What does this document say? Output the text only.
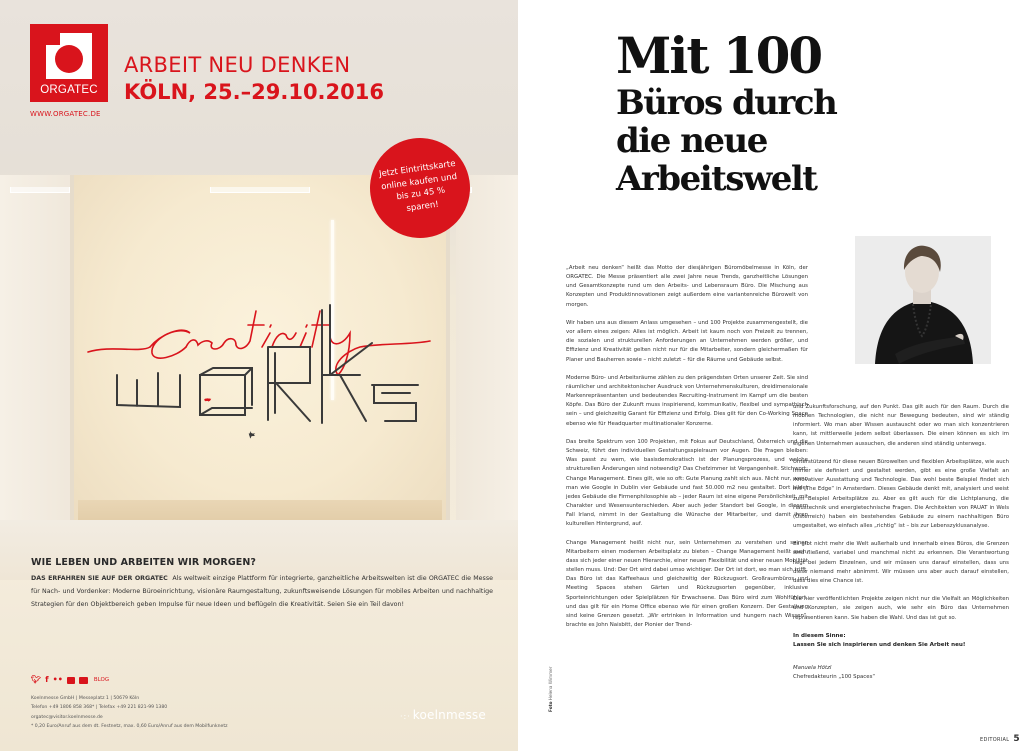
ORGATEC
WWW.ORGATEC.DE
ARBEIT NEU DENKEN
KÖLN, 25.–29.10.2016
Creativity
works
Jetzt Eintrittskarte online kaufen und bis zu 45 % sparen!
WIE LEBEN UND ARBEITEN WIR MORGEN?
DAS ERFAHREN SIE AUF DER ORGATEC Als weltweit einzige Plattform für integrierte, ganzheitliche Arbeitswelten ist die ORGATEC die Messe für Nach- und Vordenker: Moderne Büroeinrichtung, visionäre Raumgestaltung, zukunftsweisende Lösungen für mobiles Arbeiten und nachhaltige Strategien für den Objektbereich geben Impulse für neue Ideen und beflügeln die Kreativität. Seien Sie ein Teil davon!
🐦︎ f ••	BLOG
Koelnmesse GmbH | Messeplatz 1 | 50679 Köln
Telefon +49 1806 858 368* | Telefax +49 221 821-99 1380
orgatec@visitor.koelnmesse.de
* 0,20 Euro/Anruf aus dem dt. Festnetz, max. 0,60 Euro/Anruf aus dem Mobilfunknetz
·:· koelnmesse
Mit 100
Büros durch
die neue
Arbeitswelt

„Arbeit neu denken“ heißt das Motto der diesjährigen Büromöbelmesse in Köln, der ORGATEC. Die Messe präsentiert alle zwei Jahre neue Trends, ganzheitliche Lösungen und Gesamtkonzepte rund um den Arbeits- und Lebensraum Büro. Die Mischung aus Konzepten und Produktinnovationen zeigt außerdem eine variantenreiche Bürowelt von morgen.

Wir haben uns aus diesem Anlass umgesehen – und 100 Projekte zusammengestellt, die vor allem eines zeigen: Alles ist möglich. Arbeit ist kaum noch von Freizeit zu trennen, die sozialen und strukturellen Anforderungen an Unternehmen werden größer, und Effizienz und Kreativität gelten nicht nur für die Mitarbeiter, sondern gleichermaßen für Planer und Bauherren sowie – nicht zuletzt – für die Räume und Gebäude selbst.

Moderne Büro- und Arbeitsräume zählen zu den prägendsten Orten unserer Zeit. Sie sind räumlicher und architektonischer Ausdruck von Unternehmenskulturen, dreidimensionale Markenrepräsentanten und bedeutendes Recruiting-Instrument im Kampf um die besten Köpfe. Das Büro der Zukunft muss inspirierend, kommunikativ, flexibel und sympathisch sein – und gleichzeitig Garant für Effizienz und Erfolg. Dies gilt für den Co-Working Space ebenso wie für Headquarter multinationaler Konzerne.

Das breite Spektrum von 100 Projekten, mit Fokus auf Deutschland, Österreich und die Schweiz, führt den individuellen Gestaltungsspielraum vor Augen. Die Fragen bleiben: Was passt zu wem, wie basisdemokratisch ist der Planungsprozess, und welche strukturellen Änderungen sind notwendig? Das Chefzimmer ist Vergangenheit. Stichwort: Change Management. Eines gilt, wie so oft: Gute Planung zahlt sich aus. Nicht nur, wenn man wie Google in Dublin vier Gebäude und fast 50.000 m2 neu gestaltet. Dort bildet jedes Gebäude die Firmenphilosophie ab – jeder Raum ist eine eigene Persönlichkeit, mit Charakter und Wesensunterschieden. Aber auch jeder Standort bei Google, in diesem Fall Irland, nimmt in der Gestaltung die Wünsche der Mitarbeiter, und damit ihren kulturellen Hintergrund, auf.

Change Management heißt nicht nur, sein Unternehmen zu verstehen und seinen Mitarbeitern einen modernen Arbeitsplatz zu bieten – Change Management heißt auch, dass sich jeder einer neuen Hierarchie, einer neuen Flexibilität und einer neuen Mobilität stellen muss. Und: Der Ort wird dabei umso wichtiger. Der Ort ist dort, wo man sich trifft. Das Büro ist das Kaffeehaus und gleichzeitig der Rückzugsort. Großraumbüros und Meeting Spaces stehen Gärten und Rückzugsorten gegenüber, inklusive Sporteinrichtungen oder Spielplätzen für Erwachsene. Das Büro wird zum Wohlfühlort, und das gilt für ein Home Office ebenso wie für einen großen Konzern. Der Gestaltung sind keine Grenzen gesetzt. „Wir ertrinken in Information und hungern nach Wissen“, brachte es John Naisbitt, der Pionier der Trend-

und Zukunftsforschung, auf den Punkt. Das gilt auch für den Raum. Durch die mobilen Technologien, die nicht nur Bewegung bedeuten, sind wir ständig informiert. Wo man aber Wissen austauscht oder wo man sich konzentrieren kann, ist mittlerweile jedem selbst überlassen. Die einen können es sich im eigenen Unternehmen aussuchen, die anderen sind ständig unterwegs.

Unterstützend für diese neuen Bürowelten und flexiblen Arbeitsplätze, wie auch immer sie definiert und gestaltet werden, gibt es eine große Vielfalt an innovativer Ausstattung und Technologie. Das wohl beste Beispiel findet sich mit „The Edge“ in Amsterdam. Dieses Gebäude denkt mit, analysiert und weist zum Beispiel Arbeitsplätze zu. Aber es gilt auch für die Lichtplanung, die Haustechnik und energietechnische Fragen. Die Architekten von PAUAT in Wels (Österreich) haben ein bestehendes Gebäude zu einem nachhaltigen Büro umgestaltet, wo einfach alles „richtig“ ist – bis zur Lebenszyklusanalyse.

Es gibt nicht mehr die Welt außerhalb und innerhalb eines Büros, die Grenzen sind fließend, variabel und manchmal nicht zu erkennen. Die Verantwortung liegt bei jedem Einzelnen, und wir müssen uns darauf einstellen, dass uns diese niemand mehr abnimmt. Wir müssen uns aber auch darauf einstellen, dass dies eine Chance ist.

Die hier veröffentlichten Projekte zeigen nicht nur die Vielfalt an Möglichkeiten und Konzepten, sie zeigen auch, wie sehr ein Büro das Unternehmen repräsentieren kann. Sie haben die Wahl. Und das ist gut so.

In diesem Sinne:
Lassen Sie sich inspirieren und denken Sie Arbeit neu!

Manuela Hötzl
Chefredakteurin „100 Spaces“

Foto Helena Wimmer
EDITORIAL 5
